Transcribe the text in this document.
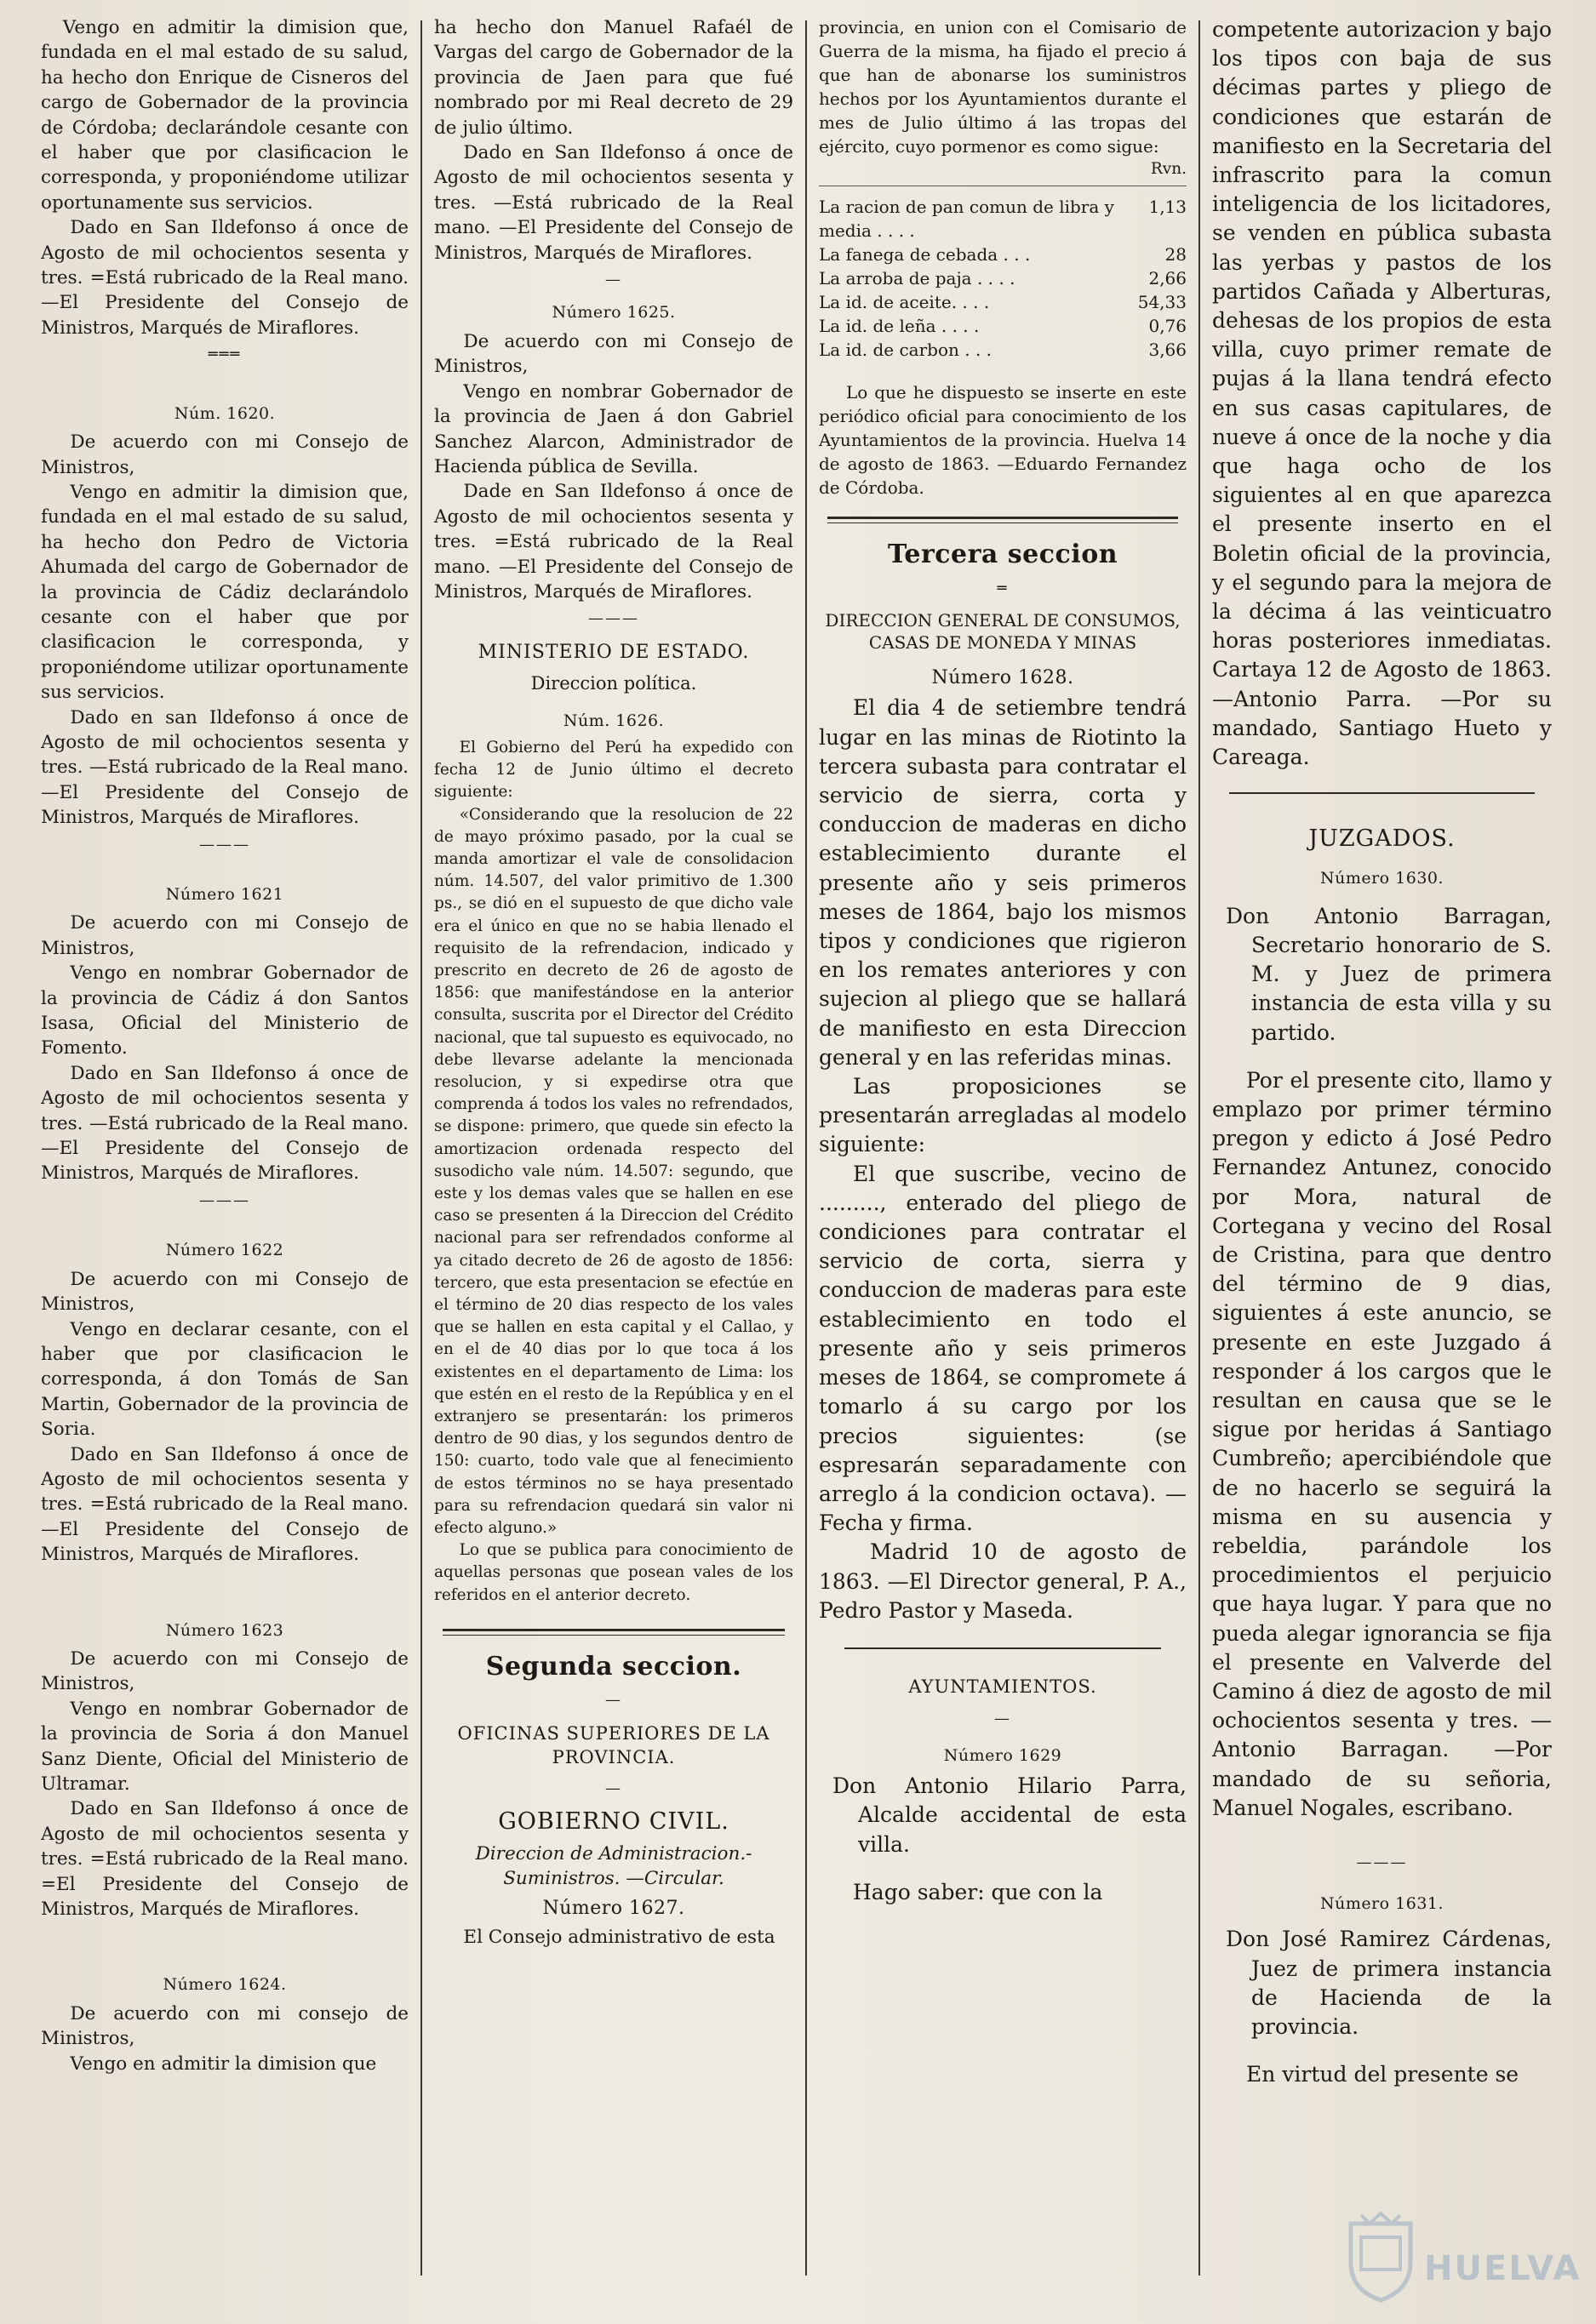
Vengo en admitir la dimision que, fundada en el mal estado de su salud, ha hecho don Enrique de Cisneros del cargo de Gobernador de la provincia de Córdoba; declarándole cesante con el haber que por clasificacion le corresponda, y proponiéndome utilizar oportunamente sus servicios.

Dado en San Ildefonso á once de Agosto de mil ochocientos sesenta y tres. =Está rubricado de la Real mano. —El Presidente del Consejo de Ministros, Marqués de Miraflores.

═══

Núm. 1620.

De acuerdo con mi Consejo de Ministros,

Vengo en admitir la dimision que, fundada en el mal estado de su salud, ha hecho don Pedro de Victoria Ahumada del cargo de Gobernador de la provincia de Cádiz declarándolo cesante con el haber que por clasificacion le corresponda, y proponiéndome utilizar oportunamente sus servicios.

Dado en san Ildefonso á once de Agosto de mil ochocientos sesenta y tres. —Está rubricado de la Real mano. —El Presidente del Consejo de Ministros, Marqués de Miraflores.

———

Número 1621

De acuerdo con mi Consejo de Ministros,

Vengo en nombrar Gobernador de la provincia de Cádiz á don Santos Isasa, Oficial del Ministerio de Fomento.

Dado en San Ildefonso á once de Agosto de mil ochocientos sesenta y tres. —Está rubricado de la Real mano. —El Presidente del Consejo de Ministros, Marqués de Miraflores.

———

Número 1622

De acuerdo con mi Consejo de Ministros,

Vengo en declarar cesante, con el haber que por clasificacion le corresponda, á don Tomás de San Martin, Gobernador de la provincia de Soria.

Dado en San Ildefonso á once de Agosto de mil ochocientos sesenta y tres. =Está rubricado de la Real mano. —El Presidente del Consejo de Ministros, Marqués de Miraflores.

Número 1623

De acuerdo con mi Consejo de Ministros,

Vengo en nombrar Gobernador de la provincia de Soria á don Manuel Sanz Diente, Oficial del Ministerio de Ultramar.

Dado en San Ildefonso á once de Agosto de mil ochocientos sesenta y tres. =Está rubricado de la Real mano. =El Presidente del Consejo de Ministros, Marqués de Miraflores.

Número 1624.

De acuerdo con mi consejo de Ministros,

Vengo en admitir la dimision que

ha hecho don Manuel Rafaél de Vargas del cargo de Gobernador de la provincia de Jaen para que fué nombrado por mi Real decreto de 29 de julio último.

Dado en San Ildefonso á once de Agosto de mil ochocientos sesenta y tres. —Está rubricado de la Real mano. —El Presidente del Consejo de Ministros, Marqués de Miraflores.

—

Número 1625.

De acuerdo con mi Consejo de Ministros,

Vengo en nombrar Gobernador de la provincia de Jaen á don Gabriel Sanchez Alarcon, Administrador de Hacienda pública de Sevilla.

Dade en San Ildefonso á once de Agosto de mil ochocientos sesenta y tres. =Está rubricado de la Real mano. —El Presidente del Consejo de Ministros, Marqués de Miraflores.

———

MINISTERIO DE ESTADO.

Direccion política.

Núm. 1626.

El Gobierno del Perú ha expedido con fecha 12 de Junio último el decreto siguiente:

«Considerando que la resolucion de 22 de mayo próximo pasado, por la cual se manda amortizar el vale de consolidacion núm. 14.507, del valor primitivo de 1.300 ps., se dió en el supuesto de que dicho vale era el único en que no se habia llenado el requisito de la refrendacion, indicado y prescrito en decreto de 26 de agosto de 1856: que manifestándose en la anterior consulta, suscrita por el Director del Crédito nacional, que tal supuesto es equivocado, no debe llevarse adelante la mencionada resolucion, y si expedirse otra que comprenda á todos los vales no refrendados, se dispone: primero, que quede sin efecto la amortizacion ordenada respecto del susodicho vale núm. 14.507: segundo, que este y los demas vales que se hallen en ese caso se presenten á la Direccion del Crédito nacional para ser refrendados conforme al ya citado decreto de 26 de agosto de 1856: tercero, que esta presentacion se efectúe en el término de 20 dias respecto de los vales que se hallen en esta capital y el Callao, y en el de 40 dias por lo que toca á los existentes en el departamento de Lima: los que estén en el resto de la República y en el extranjero se presentarán: los primeros dentro de 90 dias, y los segundos dentro de 150: cuarto, todo vale que al fenecimiento de estos términos no se haya presentado para su refrendacion quedará sin valor ni efecto alguno.»

Lo que se publica para conocimiento de aquellas personas que posean vales de los referidos en el anterior decreto.

Segunda seccion.

—

OFICINAS SUPERIORES DE LA PROVINCIA.

—

GOBIERNO CIVIL.

Direccion de Administracion.-Suministros. —Circular.

Número 1627.

El Consejo administrativo de esta

provincia, en union con el Comisario de Guerra de la misma, ha fijado el precio á que han de abonarse los suministros hechos por los Ayuntamientos durante el mes de Julio último á las tropas del ejército, cuyo pormenor es como sigue:

Rvn.

La racion de pan comun de libra y media . . . .	1,13
La fanega de cebada . . .	28
La arroba de paja . . . .	2,66
La id. de aceite. . . .	54,33
La id. de leña . . . .	0,76
La id. de carbon . . .	3,66

Lo que he dispuesto se inserte en este periódico oficial para conocimiento de los Ayuntamientos de la provincia. Huelva 14 de agosto de 1863. —Eduardo Fernandez de Córdoba.

Tercera seccion

═

DIRECCION GENERAL DE CONSUMOS, CASAS DE MONEDA Y MINAS

Número 1628.

El dia 4 de setiembre tendrá lugar en las minas de Riotinto la tercera subasta para contratar el servicio de sierra, corta y conduccion de maderas en dicho establecimiento durante el presente año y seis primeros meses de 1864, bajo los mismos tipos y condiciones que rigieron en los remates anteriores y con sujecion al pliego que se hallará de manifiesto en esta Direccion general y en las referidas minas.

Las proposiciones se presentarán arregladas al modelo siguiente:

El que suscribe, vecino de ........., enterado del pliego de condiciones para contratar el servicio de corta, sierra y conduccion de maderas para este establecimiento en todo el presente año y seis primeros meses de 1864, se compromete á tomarlo á su cargo por los precios siguientes: (se espresarán separadamente con arreglo á la condicion octava). —Fecha y firma.

Madrid 10 de agosto de 1863. —El Director general, P. A., Pedro Pastor y Maseda.

AYUNTAMIENTOS.

—

Número 1629

Don Antonio Hilario Parra, Alcalde accidental de esta villa.

Hago saber: que con la

competente autorizacion y bajo los tipos con baja de sus décimas partes y pliego de condiciones que estarán de manifiesto en la Secretaria del infrascrito para la comun inteligencia de los licitadores, se venden en pública subasta las yerbas y pastos de los partidos Cañada y Alberturas, dehesas de los propios de esta villa, cuyo primer remate de pujas á la llana tendrá efecto en sus casas capitulares, de nueve á once de la noche y dia que haga ocho de los siguientes al en que aparezca el presente inserto en el Boletin oficial de la provincia, y el segundo para la mejora de la décima á las veinticuatro horas posteriores inmediatas. Cartaya 12 de Agosto de 1863. —Antonio Parra. —Por su mandado, Santiago Hueto y Careaga.

JUZGADOS.

Número 1630.

Don Antonio Barragan, Secretario honorario de S. M. y Juez de primera instancia de esta villa y su partido.

Por el presente cito, llamo y emplazo por primer término pregon y edicto á José Pedro Fernandez Antunez, conocido por Mora, natural de Cortegana y vecino del Rosal de Cristina, para que dentro del término de 9 dias, siguientes á este anuncio, se presente en este Juzgado á responder á los cargos que le resultan en causa que se le sigue por heridas á Santiago Cumbreño; apercibiéndole que de no hacerlo se seguirá la misma en su ausencia y rebeldia, parándole los procedimientos el perjuicio que haya lugar. Y para que no pueda alegar ignorancia se fija el presente en Valverde del Camino á diez de agosto de mil ochocientos sesenta y tres. —Antonio Barragan. —Por mandado de su señoria, Manuel Nogales, escribano.

———

Número 1631.

Don José Ramirez Cárdenas, Juez de primera instancia de Hacienda de la provincia.

En virtud del presente se

HUELVA
